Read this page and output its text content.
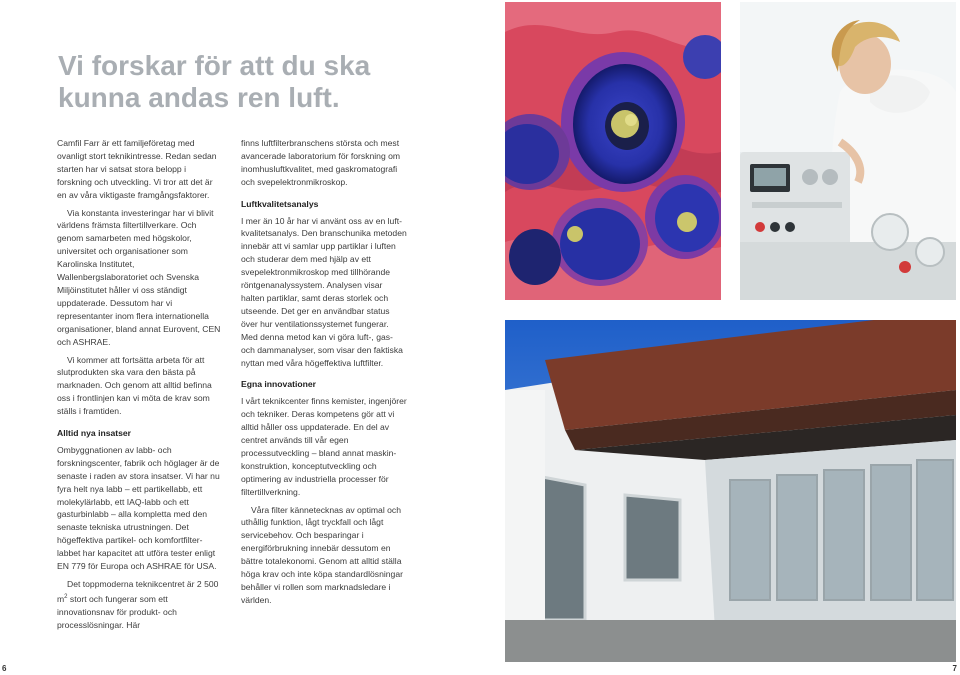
Vi forskar för att du ska
kunna andas ren luft.

Camfil Farr är ett familjeföretag med ovanligt stort teknikintresse. Redan sedan starten har vi satsat stora belopp i forskning och utveckling. Vi tror att det är en av våra viktigaste framgångsfaktorer.

Via konstanta investeringar har vi blivit världens främsta filtertillverkare. Och genom samarbeten med högskolor, universitet och organisationer som Karolinska Institutet, Wallenbergslaboratoriet och Svenska Miljöinstitutet håller vi oss ständigt uppdaterade. Dessutom har vi representanter inom flera internationella organisationer, bland annat Eurovent, CEN och ASHRAE.

Vi kommer att fortsätta arbeta för att slutprodukten ska vara den bästa på marknaden. Och genom att alltid befinna oss i frontlinjen kan vi möta de krav som ställs i framtiden.

Alltid nya insatser

Ombyggnationen av labb- och forskningscenter, fabrik och höglager är de senaste i raden av stora insatser. Vi har nu fyra helt nya labb – ett partikellabb, ett molekylärlabb, ett IAQ-labb och ett gasturbinlabb – alla kompletta med den senaste tekniska utrustningen. Det högeffektiva partikel- och komfortfilter-labbet har kapacitet att utföra tester enligt EN 779 för Europa och ASHRAE för USA.

Det toppmoderna teknikcentret är 2 500 $m^2$ stort och fungerar som ett innovationsnav för produkt- och processlösningar. Här

finns luftfilterbranschens största och mest avancerade laboratorium för forskning om inomhusluftkvalitet, med gaskromatografi och svepelektronmikroskop.

Luftkvalitetsanalys

I mer än 10 år har vi använt oss av en luft-kvalitetsanalys. Den branschunika metoden innebär att vi samlar upp partiklar i luften och studerar dem med hjälp av ett svepelektronmikroskop med tillhörande röntgenanalyssystem. Analysen visar halten partiklar, samt deras storlek och utseende. Det ger en användbar status över hur ventilationssystemet fungerar. Med denna metod kan vi göra luft-, gas- och dammanalyser, som visar den faktiska nyttan med våra högeffektiva luftfilter.

Egna innovationer

I vårt teknikcenter finns kemister, ingenjörer och tekniker. Deras kompetens gör att vi alltid håller oss uppdaterade. En del av centret används till vår egen processutveckling – bland annat maskin-konstruktion, konceptutveckling och optimering av industriella processer för filtertillverkning.

Våra filter kännetecknas av optimal och uthållig funktion, lågt tryckfall och lågt servicebehov. Och besparingar i energiförbrukning innebär dessutom en bättre totalekonomi. Genom att alltid ställa höga krav och inte köpa standardlösningar behåller vi rollen som marknadsledare i världen.

6	7
